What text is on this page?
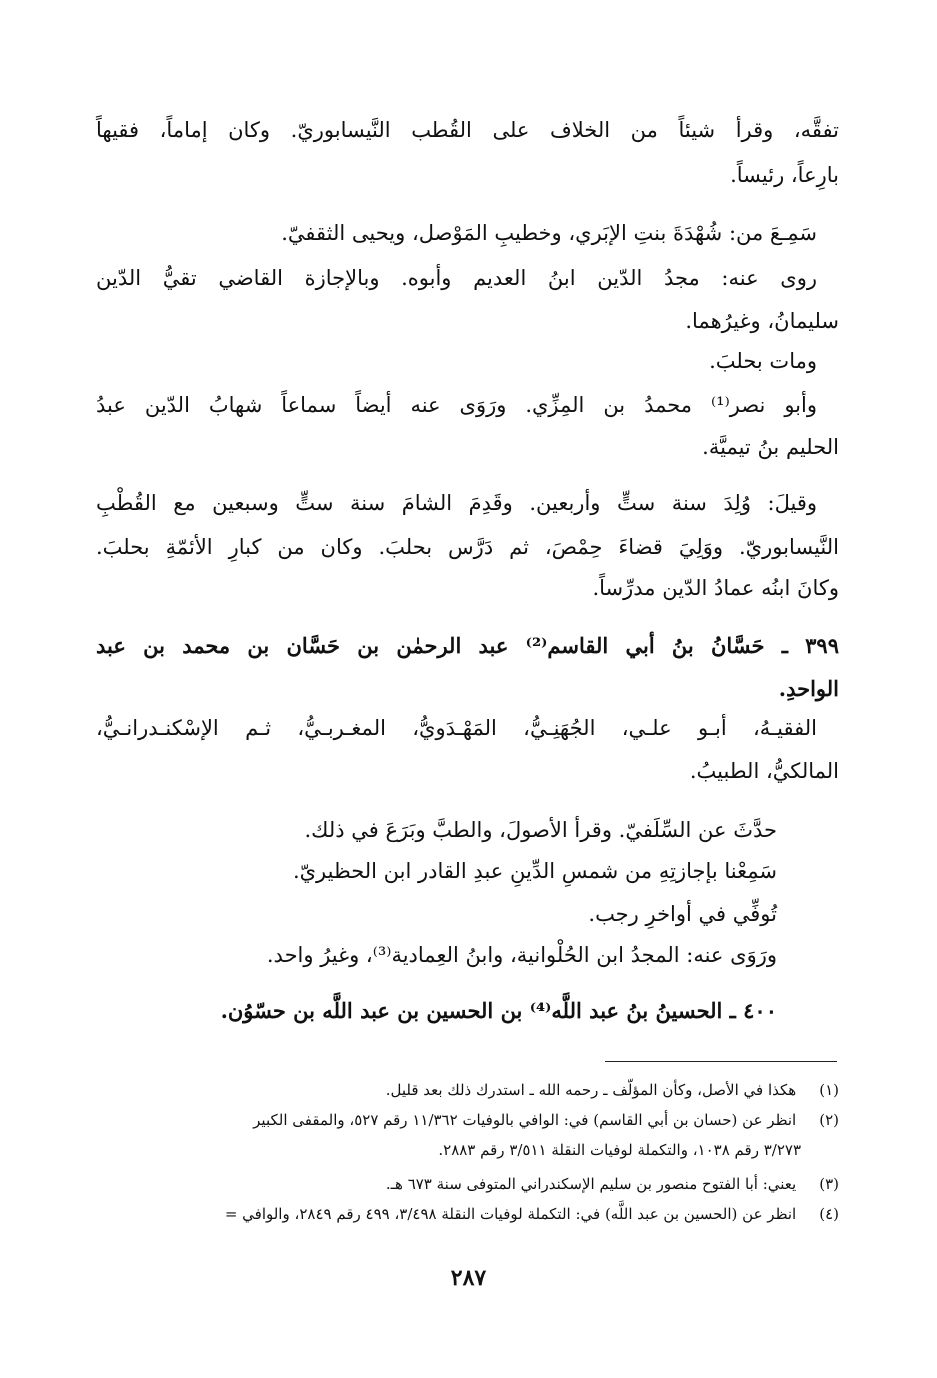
تفقَّه، وقرأ شيئاً من الخلاف على القُطب النَّيسابوريّ. وكان إماماً، فقيهاً
بارِعاً، رئيساً.
سَمِـعَ من: شُهْدَةَ بنتِ الإبَري، وخطيبِ المَوْصل، ويحيى الثقفيّ.
روى عنه: مجدُ الدّين ابنُ العديم وأبوه. وبالإجازة القاضي تقيُّ الدّين
سليمانُ، وغيرُهما.
ومات بحلبَ.
وأبو نصر⁽¹⁾ محمدُ بن المِزِّي. ورَوَى عنه أيضاً سماعاً شهابُ الدّين عبدُ
الحليم بنُ تيميَّة.
وقيلَ: وُلِدَ سنة ستٍّ وأربعين. وقَدِمَ الشامَ سنة ستٍّ وسبعين مع القُطْبِ
النَّيسابوريّ. ووَلِيَ قضاءَ حِمْصَ، ثم دَرَّس بحلبَ. وكان من كبارِ الأئمّةِ بحلبَ.
وكانَ ابنُه عمادُ الدّين مدرِّساً.
٣٩٩ ـ حَسَّانُ بنُ أبي القاسم⁽²⁾ عبد الرحمٰن بن حَسَّان بن محمد بن عبد
الواحدِ.
الفقيـهُ، أبـو علـي، الجُهَنِـيُّ، المَهْـدَويُّ، المغـربـيُّ، ثـم الإسْكنـدرانـيُّ،
المالكيُّ، الطبيبُ.
حدَّثَ عن السِّلَفيّ. وقرأ الأصولَ، والطبَّ وبَرَعَ في ذلك.
سَمِعْنا بإجازتِهِ من شمسِ الدِّينِ عبدِ القادر ابن الحظيريّ.
تُوفِّي في أواخرِ رجب.
ورَوَى عنه: المجدُ ابن الحُلْوانية، وابنُ العِمادية⁽³⁾، وغيرُ واحد.
٤٠٠ ـ الحسينُ بنُ عبد اللَّه⁽⁴⁾ بن الحسين بن عبد اللَّه بن حسّوُن.
(١) هكذا في الأصل، وكأن المؤلّف ـ رحمه الله ـ استدرك ذلك بعد قليل.
(٢) انظر عن (حسان بن أبي القاسم) في: الوافي بالوفيات ١١/٣٦٢ رقم ٥٢٧، والمقفى الكبير
٣/٢٧٣ رقم ١٠٣٨، والتكملة لوفيات النقلة ٣/٥١١ رقم ٢٨٨٣.
(٣) يعني: أبا الفتوح منصور بن سليم الإسكندراني المتوفى سنة ٦٧٣ هـ.
(٤) انظر عن (الحسين بن عبد اللَّه) في: التكملة لوفيات النقلة ٣/٤٩٨، ٤٩٩ رقم ٢٨٤٩، والوافي =
٢٨٧
